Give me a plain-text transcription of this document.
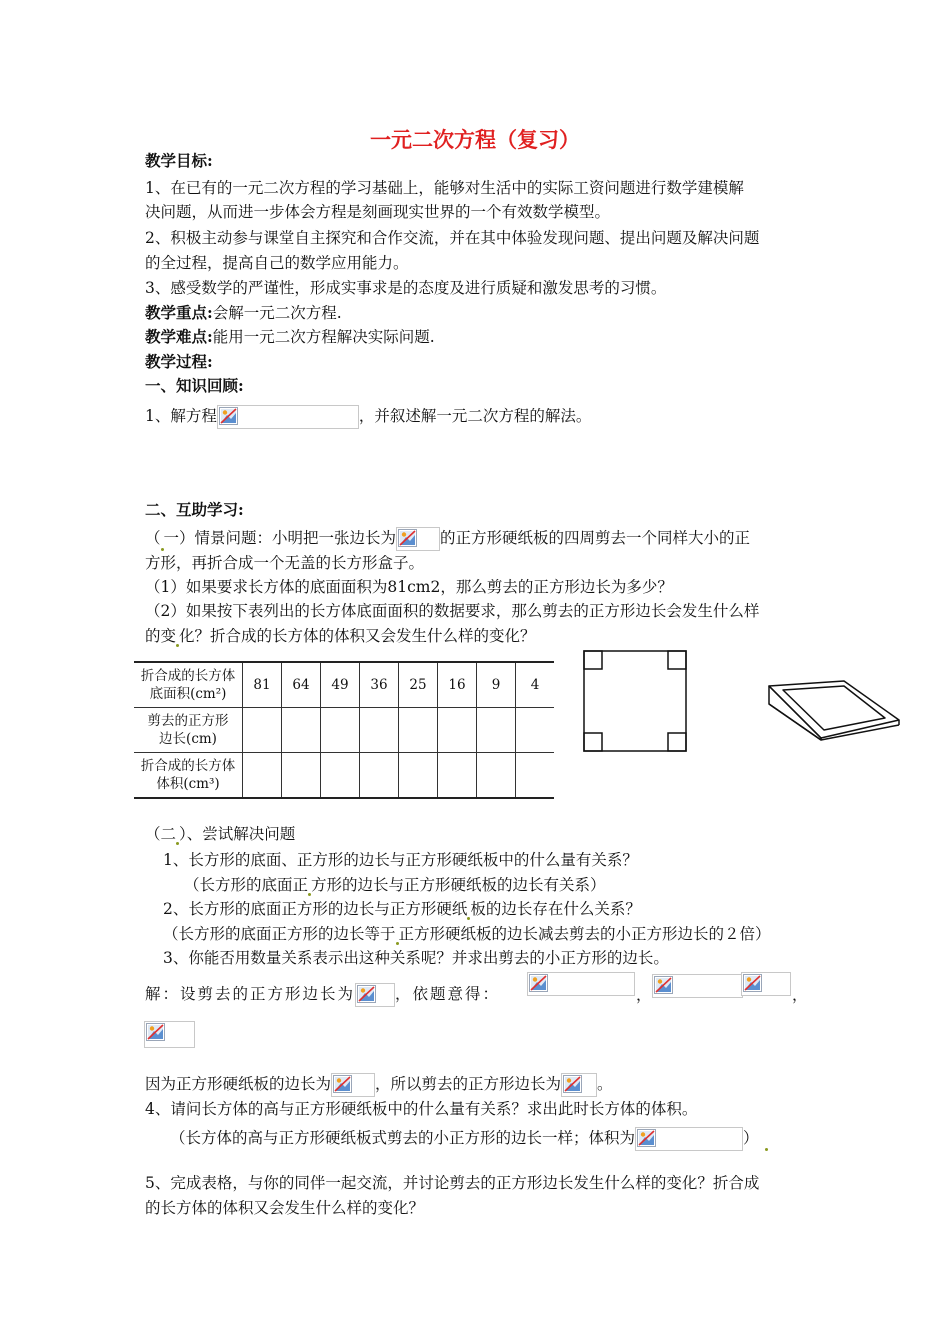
一元二次方程（复习）
教学目标:
1、在已有的一元二次方程的学习基础上，能够对生活中的实际工资问题进行数学建模解
决问题，从而进一步体会方程是刻画现实世界的一个有效数学模型。
2、积极主动参与课堂自主探究和合作交流，并在其中体验发现问题、提出问题及解决问题
的全过程，提高自己的数学应用能力。
3、感受数学的严谨性，形成实事求是的态度及进行质疑和激发思考的习惯。
教学重点:会解一元二次方程.
教学难点:能用一元二次方程解决实际问题.
教学过程:
一、知识回顾:
1、解方程	，并叙述解一元二次方程的解法。
二、互助学习:
（ 一）情景问题：小明把一张边长为	的正方形硬纸板的四周剪去一个同样大小的正
方形，再折合成一个无盖的长方形盒子。
（1）如果要求长方体的底面面积为81cm2，那么剪去的正方形边长为多少？
（2）如果按下表列出的长方体底面面积的数据要求，那么剪去的正方形边长会发生什么样
的变 化？折合成的长方体的体积又会发生什么样的变化？
折合成的长方体
底面积(cm²)	81	64	49	36	25	16	9	4

剪去的正方形
边长(cm)								

折合成的长方体
体积(cm³)								

（二 ）、尝试解决问题
1、长方形的底面、正方形的边长与正方形硬纸板中的什么量有关系？
（长方形的底面正 方形的边长与正方形硬纸板的边长有关系）
2、长方形的底面正方形的边长与正方形硬纸 板的边长存在什么关系？
（长方形的底面正方形的边长等于 正方形硬纸板的边长减去剪去的小正方形边长的２倍）
3、你能否用数量关系表示出这种关系呢？并求出剪去的小正方形的边长。
解：设剪去的正方形边长为	，依题意得：	，	，
因为正方形硬纸板的边长为	，所以剪去的正方形边长为 。
4、请问长方体的高与正方形硬纸板中的什么量有关系？求出此时长方体的体积。
（长方体的高与正方形硬纸板式剪去的小正方形的边长一样；体积为	）
5、完成表格，与你的同伴一起交流，并讨论剪去的正方形边长发生什么样的变化？折合成
的长方体的体积又会发生什么样的变化？
